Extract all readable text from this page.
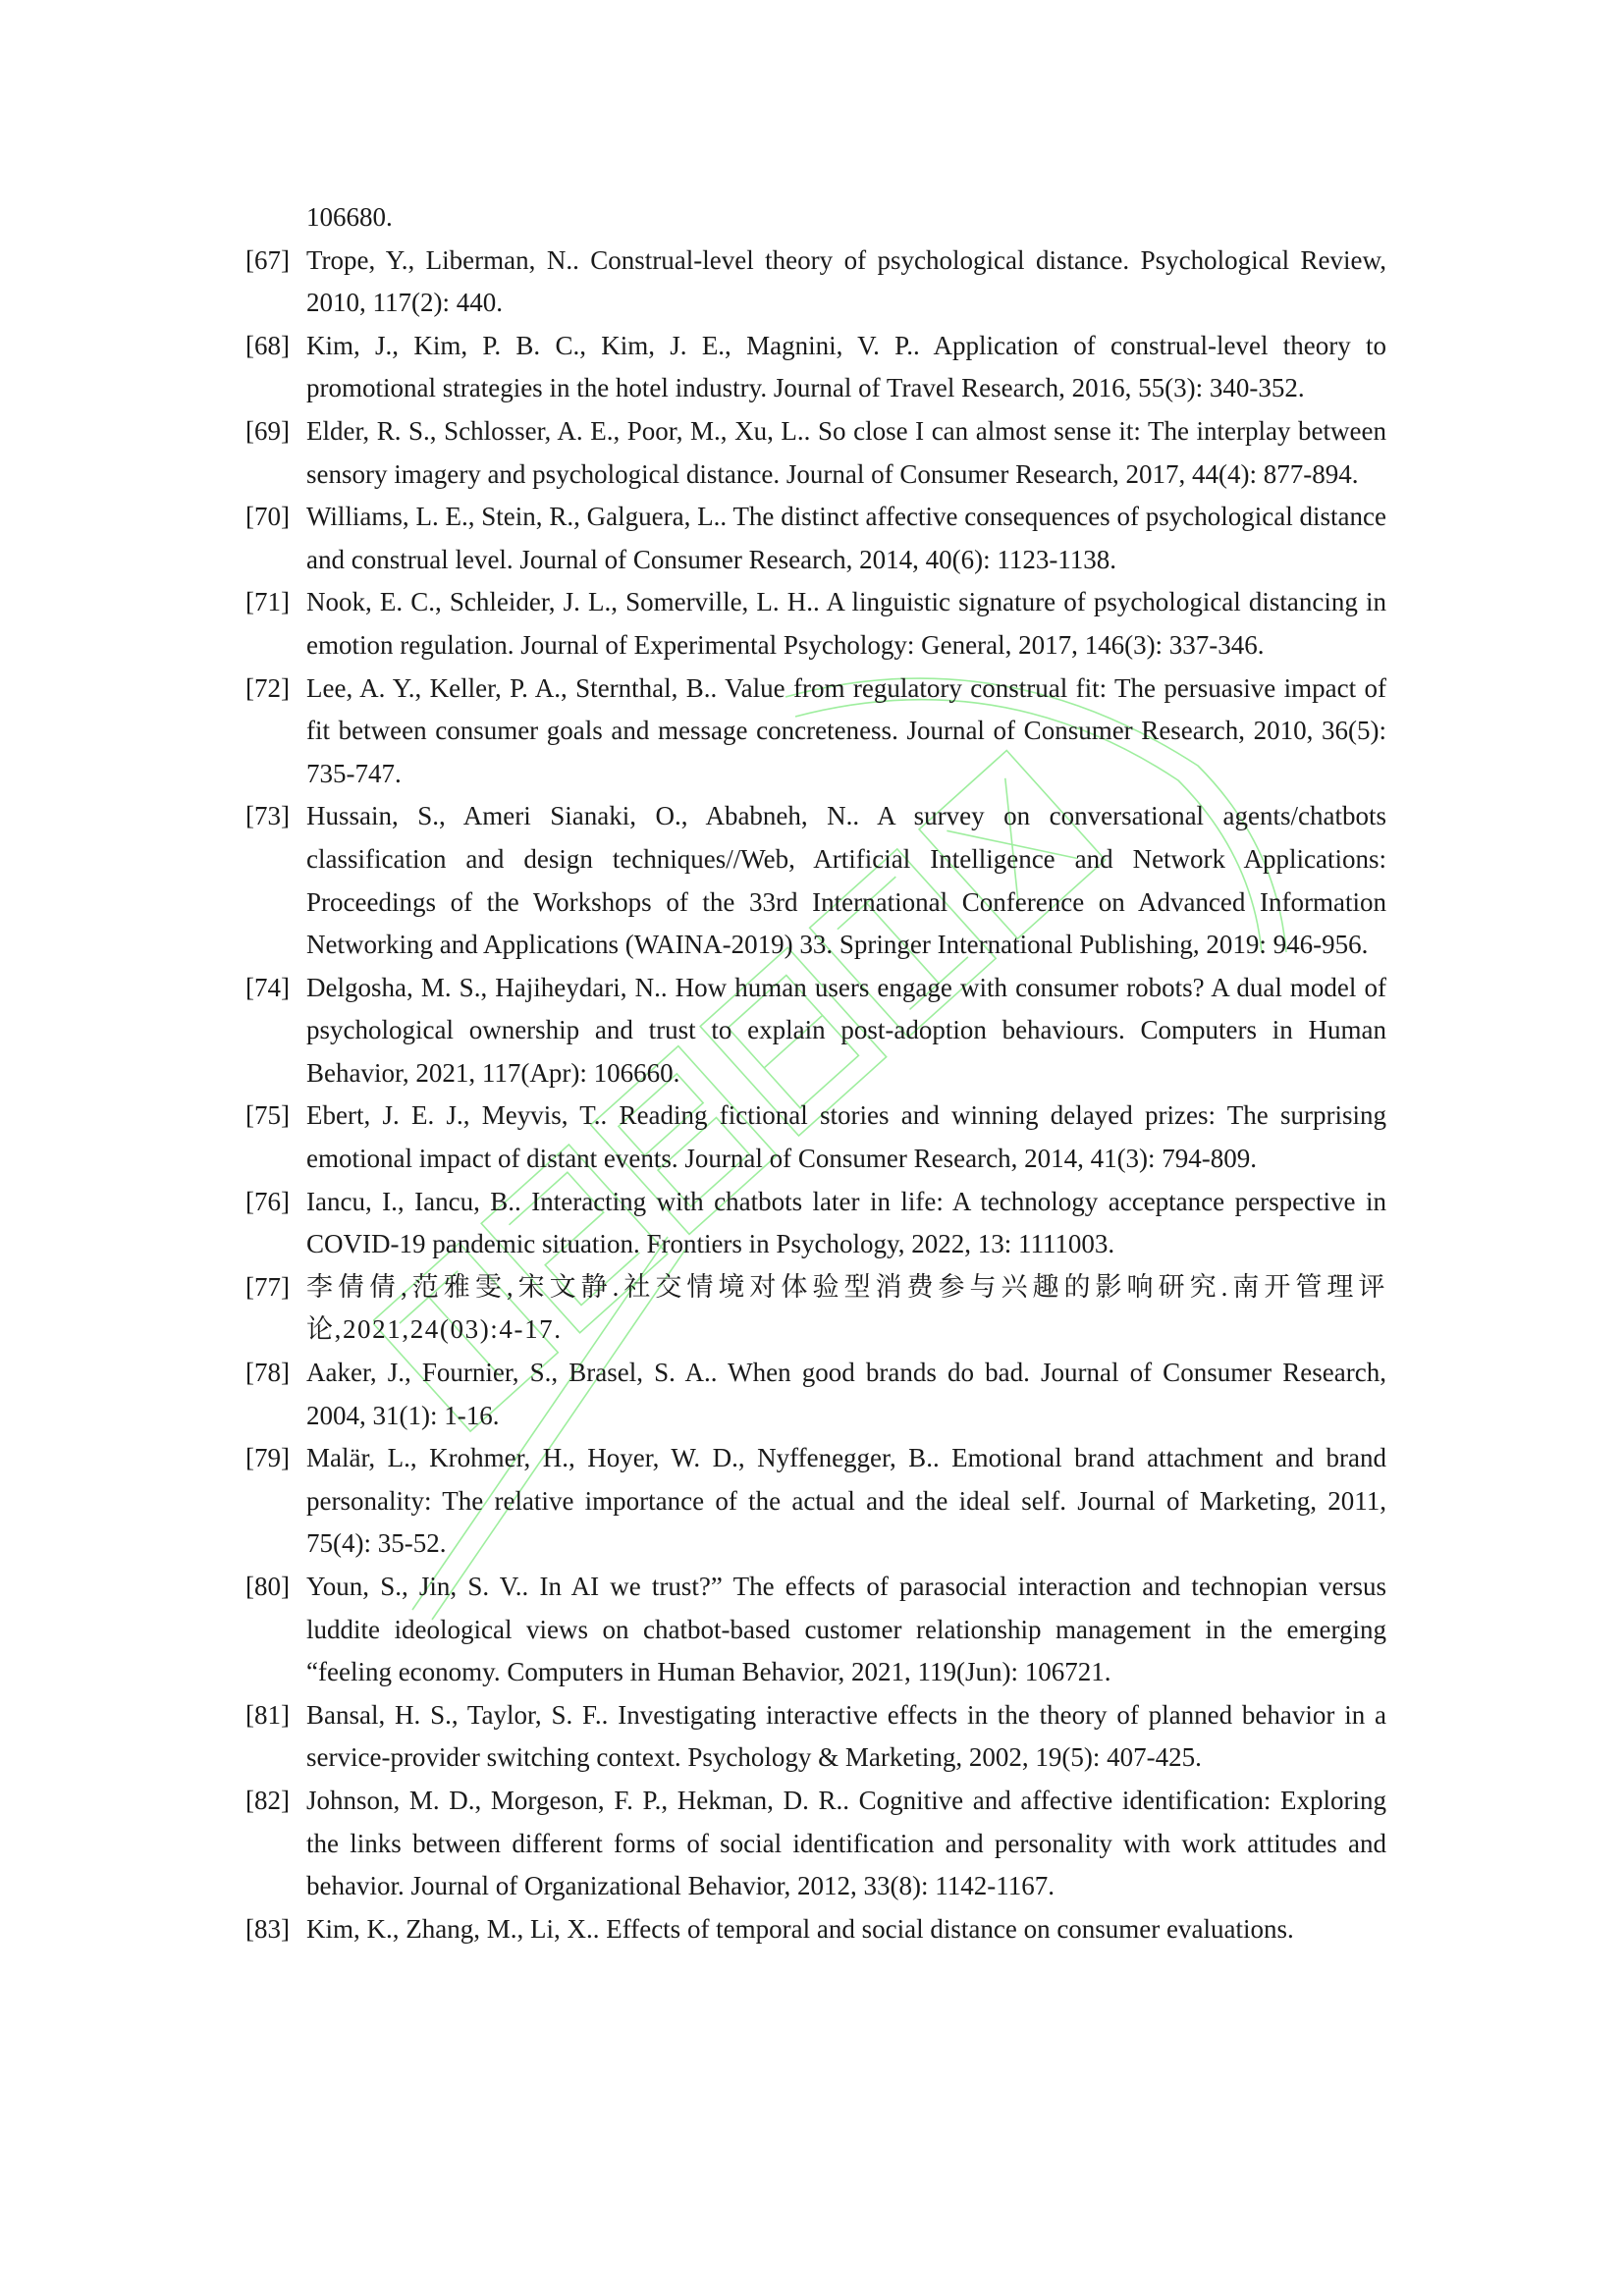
106680.
[67] Trope, Y., Liberman, N.. Construal-level theory of psychological distance. Psychological Review, 2010, 117(2): 440.
[68] Kim, J., Kim, P. B. C., Kim, J. E., Magnini, V. P.. Application of construal-level theory to promotional strategies in the hotel industry. Journal of Travel Research, 2016, 55(3): 340-352.
[69] Elder, R. S., Schlosser, A. E., Poor, M., Xu, L.. So close I can almost sense it: The interplay between sensory imagery and psychological distance. Journal of Consumer Research, 2017, 44(4): 877-894.
[70] Williams, L. E., Stein, R., Galguera, L.. The distinct affective consequences of psychological distance and construal level. Journal of Consumer Research, 2014, 40(6): 1123-1138.
[71] Nook, E. C., Schleider, J. L., Somerville, L. H.. A linguistic signature of psychological distancing in emotion regulation. Journal of Experimental Psychology: General, 2017, 146(3): 337-346.
[72] Lee, A. Y., Keller, P. A., Sternthal, B.. Value from regulatory construal fit: The persuasive impact of fit between consumer goals and message concreteness. Journal of Consumer Research, 2010, 36(5): 735-747.
[73] Hussain, S., Ameri Sianaki, O., Ababneh, N.. A survey on conversational agents/chatbots classification and design techniques//Web, Artificial Intelligence and Network Applications: Proceedings of the Workshops of the 33rd International Conference on Advanced Information Networking and Applications (WAINA-2019) 33. Springer International Publishing, 2019: 946-956.
[74] Delgosha, M. S., Hajiheydari, N.. How human users engage with consumer robots? A dual model of psychological ownership and trust to explain post-adoption behaviours. Computers in Human Behavior, 2021, 117(Apr): 106660.
[75] Ebert, J. E. J., Meyvis, T.. Reading fictional stories and winning delayed prizes: The surprising emotional impact of distant events. Journal of Consumer Research, 2014, 41(3): 794-809.
[76] Iancu, I., Iancu, B.. Interacting with chatbots later in life: A technology acceptance perspective in COVID-19 pandemic situation. Frontiers in Psychology, 2022, 13: 1111003.
[77] 李倩倩,范雅雯,宋文静.社交情境对体验型消费参与兴趣的影响研究.南开管理评论,2021,24(03):4-17.
[78] Aaker, J., Fournier, S., Brasel, S. A.. When good brands do bad. Journal of Consumer Research, 2004, 31(1): 1-16.
[79] Malär, L., Krohmer, H., Hoyer, W. D., Nyffenegger, B.. Emotional brand attachment and brand personality: The relative importance of the actual and the ideal self. Journal of Marketing, 2011, 75(4): 35-52.
[80] Youn, S., Jin, S. V.. In AI we trust?” The effects of parasocial interaction and technopian versus luddite ideological views on chatbot-based customer relationship management in the emerging “feeling economy. Computers in Human Behavior, 2021, 119(Jun): 106721.
[81] Bansal, H. S., Taylor, S. F.. Investigating interactive effects in the theory of planned behavior in a service-provider switching context. Psychology & Marketing, 2002, 19(5): 407-425.
[82] Johnson, M. D., Morgeson, F. P., Hekman, D. R.. Cognitive and affective identification: Exploring the links between different forms of social identification and personality with work attitudes and behavior. Journal of Organizational Behavior, 2012, 33(8): 1142-1167.
[83] Kim, K., Zhang, M., Li, X.. Effects of temporal and social distance on consumer evaluations.
